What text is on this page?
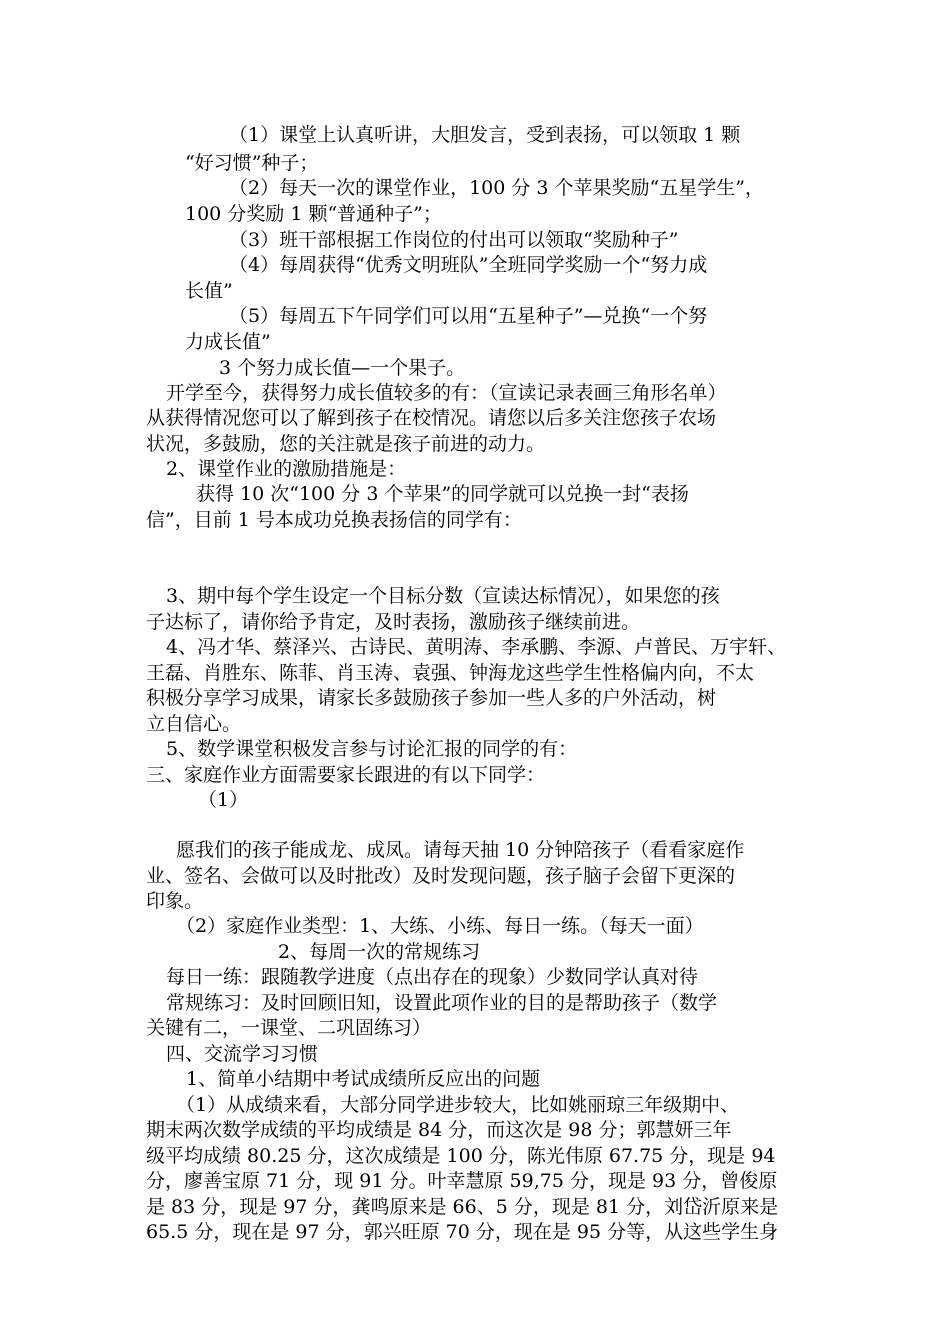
（1）课堂上认真听讲，大胆发言，受到表扬，可以领取 1 颗
“好习惯”种子；
（2）每天一次的课堂作业，100 分 3 个苹果奖励“五星学生”，
100 分奖励 1 颗“普通种子”；
（3）班干部根据工作岗位的付出可以领取“奖励种子”
（4）每周获得“优秀文明班队”全班同学奖励一个“努力成
长值”
（5）每周五下午同学们可以用“五星种子”—兑换“一个努
力成长值”
3 个努力成长值—一个果子。
开学至今，获得努力成长值较多的有：（宣读记录表画三角形名单）
从获得情况您可以了解到孩子在校情况。请您以后多关注您孩子农场
状况，多鼓励，您的关注就是孩子前进的动力。
2、课堂作业的激励措施是：
获得 10 次“100 分 3 个苹果”的同学就可以兑换一封“表扬
信”，目前 1 号本成功兑换表扬信的同学有：
3、期中每个学生设定一个目标分数（宣读达标情况），如果您的孩
子达标了，请你给予肯定，及时表扬，激励孩子继续前进。
4、冯才华、蔡泽兴、古诗民、黄明涛、李承鹏、李源、卢普民、万宇轩、
王磊、肖胜东、陈菲、肖玉涛、袁强、钟海龙这些学生性格偏内向，不太
积极分享学习成果，请家长多鼓励孩子参加一些人多的户外活动，树
立自信心。
5、数学课堂积极发言参与讨论汇报的同学的有：
三、家庭作业方面需要家长跟进的有以下同学：
（1）
愿我们的孩子能成龙、成凤。请每天抽 10 分钟陪孩子（看看家庭作
业、签名、会做可以及时批改）及时发现问题，孩子脑子会留下更深的
印象。
（2）家庭作业类型：1、大练、小练、每日一练。（每天一面）
2、每周一次的常规练习
每日一练：跟随教学进度（点出存在的现象）少数同学认真对待
常规练习：及时回顾旧知，设置此项作业的目的是帮助孩子（数学
关键有二，一课堂、二巩固练习）
四、交流学习习惯
1、简单小结期中考试成绩所反应出的问题
（1）从成绩来看，大部分同学进步较大，比如姚丽琼三年级期中、
期末两次数学成绩的平均成绩是 84 分，而这次是 98 分；郭慧妍三年
级平均成绩 80.25 分，这次成绩是 100 分，陈光伟原 67.75 分，现是 94
分，廖善宝原 71 分，现 91 分。叶幸慧原 59,75 分，现是 93 分，曾俊原
是 83 分，现是 97 分，龚鸣原来是 66、5 分，现是 81 分，刘岱沂原来是
65.5 分，现在是 97 分，郭兴旺原 70 分，现在是 95 分等，从这些学生身
